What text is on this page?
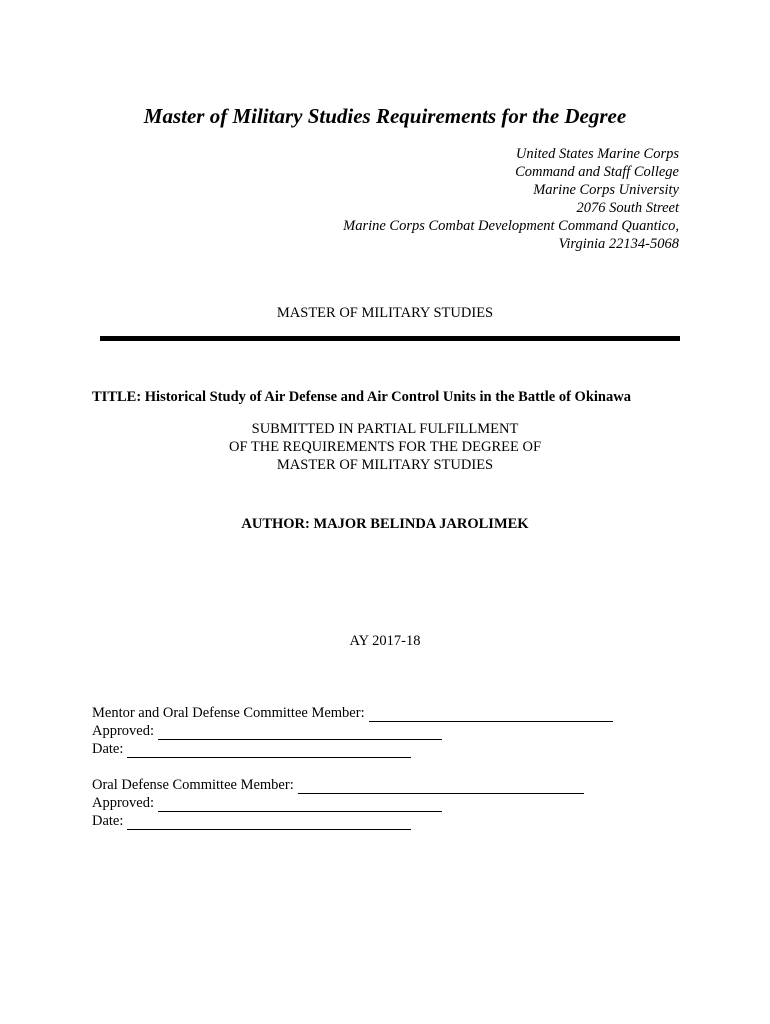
Master of Military Studies Requirements for the Degree
United States Marine Corps
Command and Staff College
Marine Corps University
2076 South Street
Marine Corps Combat Development Command Quantico,
Virginia 22134-5068
MASTER OF MILITARY STUDIES
TITLE: Historical Study of Air Defense and Air Control Units in the Battle of Okinawa
SUBMITTED IN PARTIAL FULFILLMENT
OF THE REQUIREMENTS FOR THE DEGREE OF
MASTER OF MILITARY STUDIES
AUTHOR: MAJOR BELINDA JAROLIMEK
AY 2017-18
Mentor and Oral Defense Committee Member:
Approved:
Date:
Oral Defense Committee Member:
Approved:
Date:
